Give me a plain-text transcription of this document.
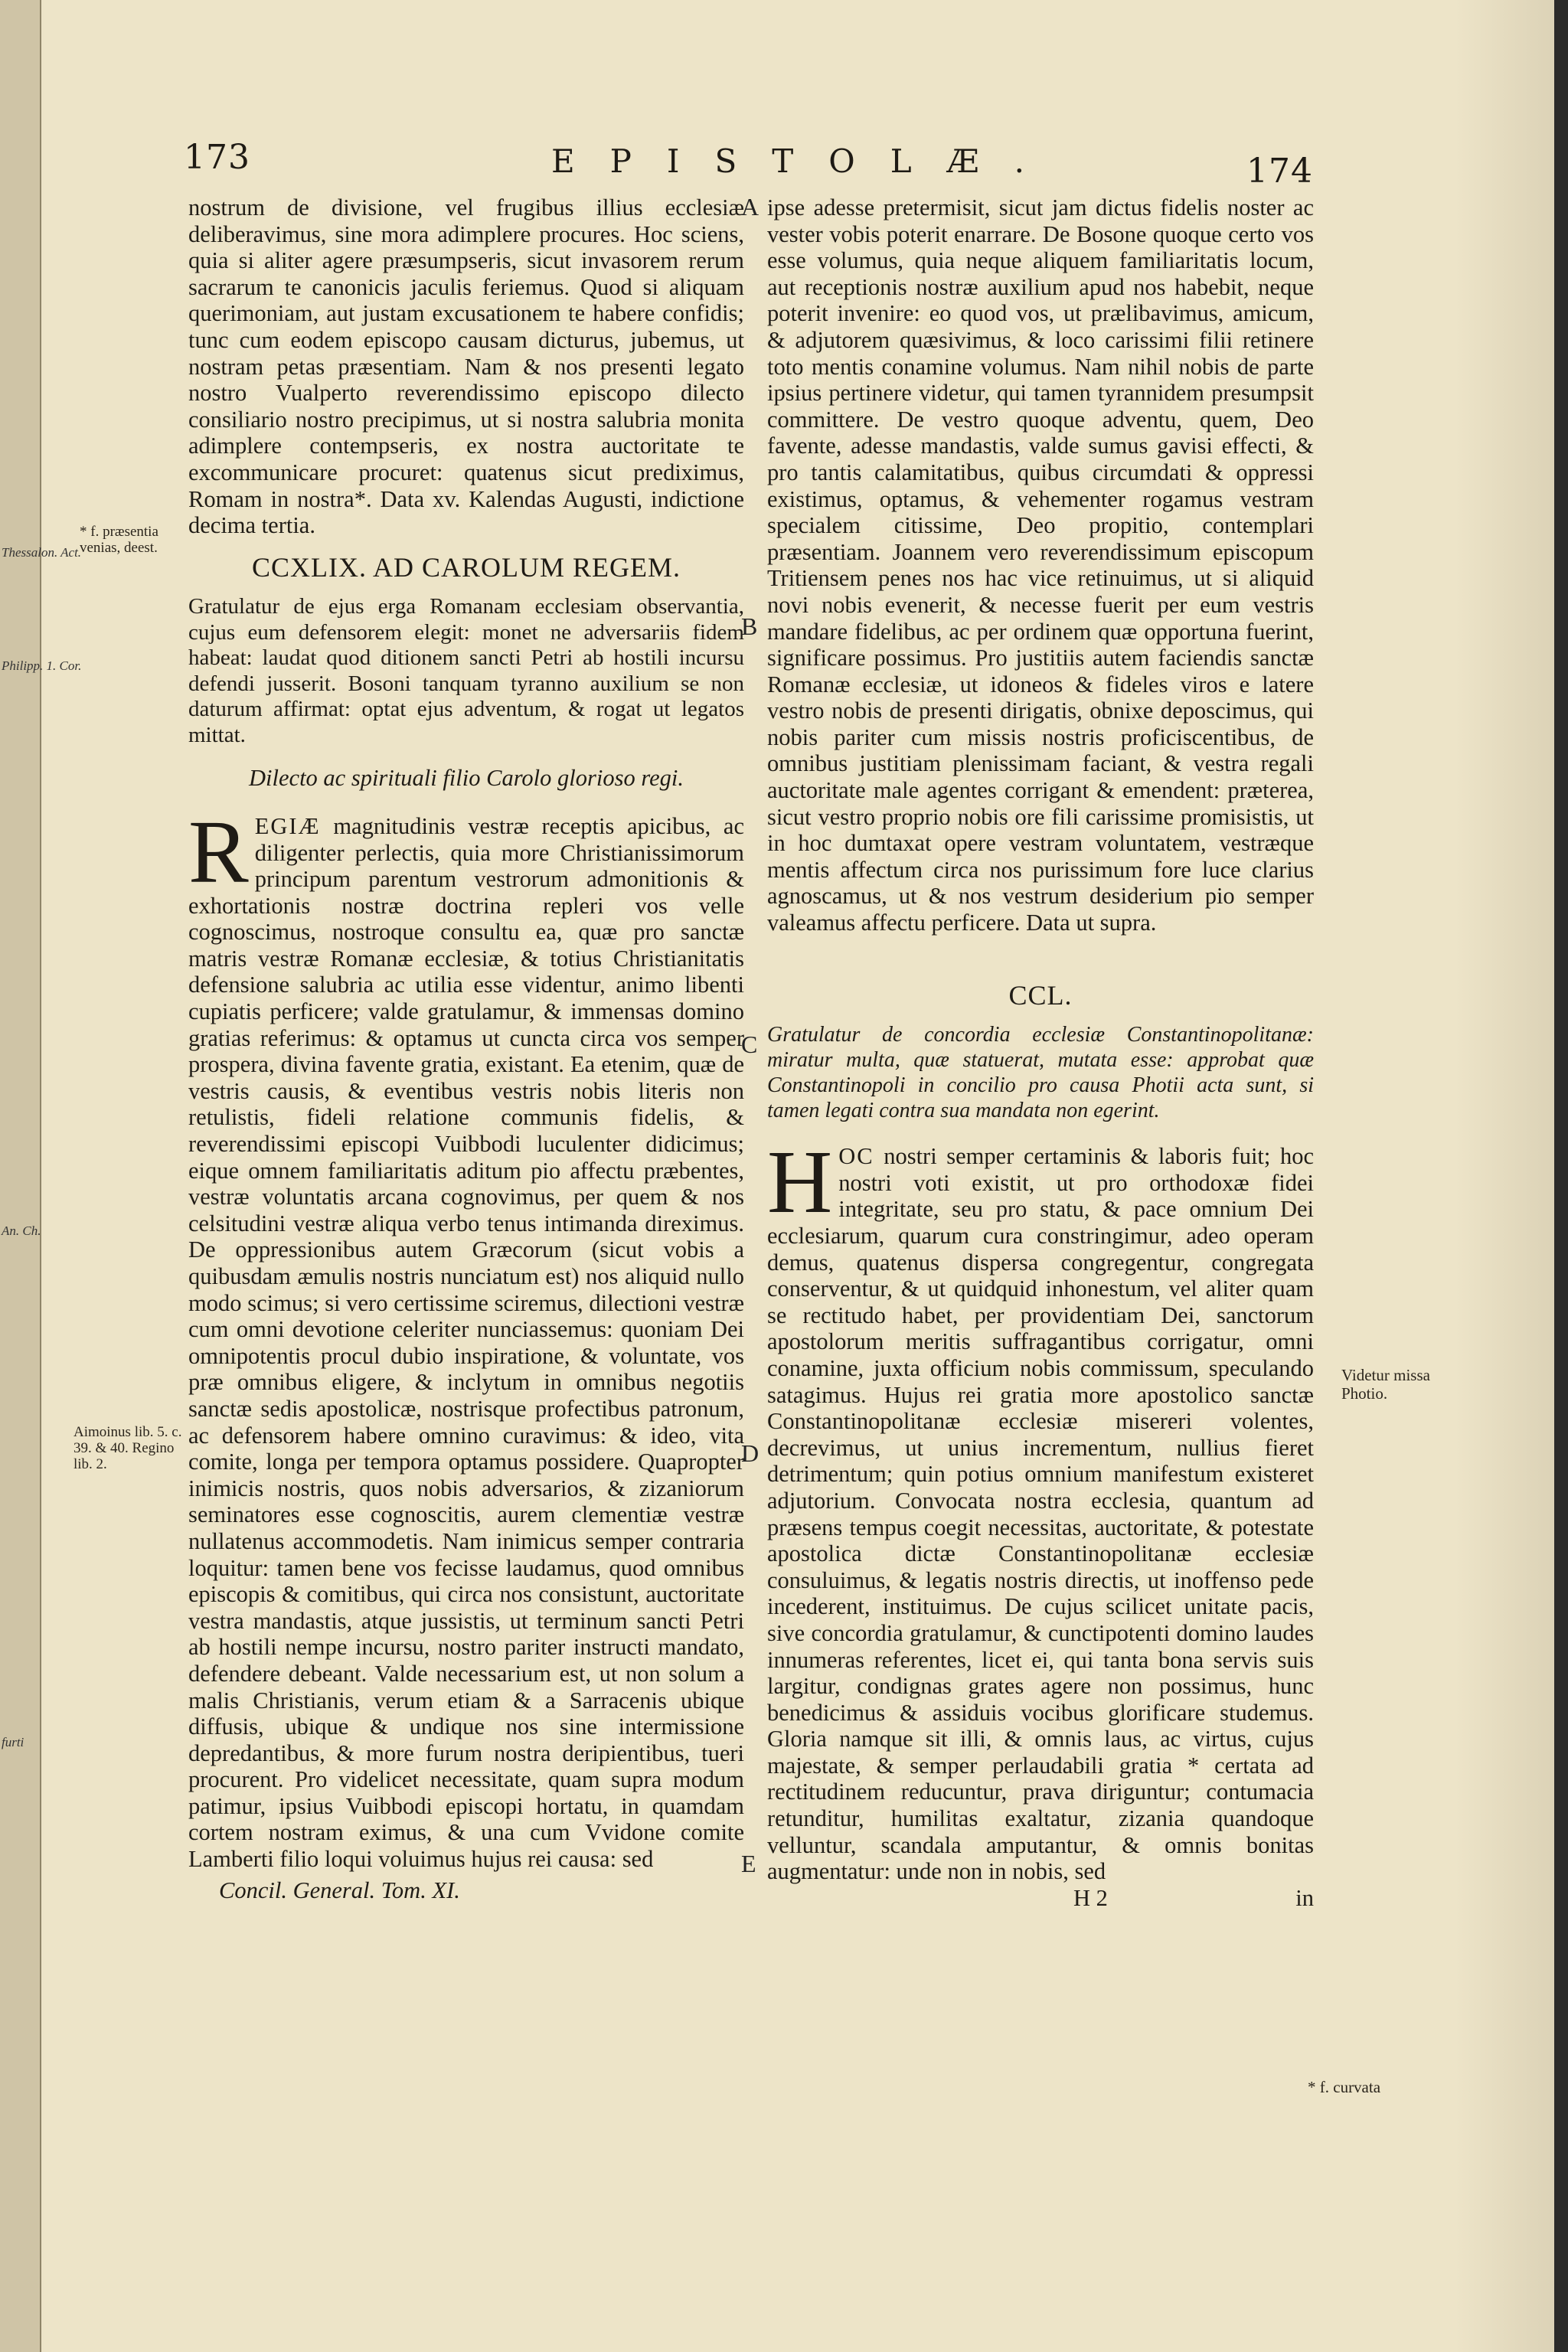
Thessalon. Act.
Philipp. 1. Cor.
An. Ch.
furti
173	EPISTOLÆ.	174

nostrum de divisione, vel frugibus illius ecclesiæ deliberavimus, sine mora adimplere procures. Hoc sciens, quia si aliter agere præsumpseris, sicut invasorem rerum sacrarum te canonicis jaculis feriemus. Quod si aliquam querimoniam, aut justam excusationem te habere confidis; tunc cum eodem episcopo causam dicturus, jubemus, ut nostram petas præsentiam. Nam & nos presenti legato nostro Vualperto reverendissimo episcopo dilecto consiliario nostro precipimus, ut si nostra salubria monita adimplere contempseris, ex nostra auctoritate te excommunicare procuret: quatenus sicut prediximus, Romam in nostra*. Data xv. Kalendas Augusti, indictione decima tertia.

CCXLIX. AD CAROLUM REGEM.

Gratulatur de ejus erga Romanam ecclesiam observantia, cujus eum defensorem elegit: monet ne adversariis fidem habeat: laudat quod ditionem sancti Petri ab hostili incursu defendi jusserit. Bosoni tanquam tyranno auxilium se non daturum affirmat: optat ejus adventum, & rogat ut legatos mittat.

Dilecto ac spirituali filio Carolo glorioso regi.

REGIÆ magnitudinis vestræ receptis apicibus, ac diligenter perlectis, quia more Christianissimorum principum parentum vestrorum admonitionis & exhortationis nostræ doctrina repleri vos velle cognoscimus, nostroque consultu ea, quæ pro sanctæ matris vestræ Romanæ ecclesiæ, & totius Christianitatis defensione salubria ac utilia esse videntur, animo libenti cupiatis perficere; valde gratulamur, & immensas domino gratias referimus: & optamus ut cuncta circa vos semper prospera, divina favente gratia, existant. Ea etenim, quæ de vestris causis, & eventibus vestris nobis literis non retulistis, fideli relatione communis fidelis, & reverendissimi episcopi Vuibbodi luculenter didicimus; eique omnem familiaritatis aditum pio affectu præbentes, vestræ voluntatis arcana cognovimus, per quem & nos celsitudini vestræ aliqua verbo tenus intimanda direximus. De oppressionibus autem Græcorum (sicut vobis a quibusdam æmulis nostris nunciatum est) nos aliquid nullo modo scimus; si vero certissime sciremus, dilectioni vestræ cum omni devotione celeriter nunciassemus: quoniam Dei omnipotentis procul dubio inspiratione, & voluntate, vos præ omnibus eligere, & inclytum in omnibus negotiis sanctæ sedis apostolicæ, nostrisque profectibus patronum, ac defensorem habere omnino curavimus: & ideo, vita comite, longa per tempora optamus possidere. Quapropter inimicis nostris, quos nobis adversarios, & zizaniorum seminatores esse cognoscitis, aurem clementiæ vestræ nullatenus accommodetis. Nam inimicus semper contraria loquitur: tamen bene vos fecisse laudamus, quod omnibus episcopis & comitibus, qui circa nos consistunt, auctoritate vestra mandastis, atque jussistis, ut terminum sancti Petri ab hostili nempe incursu, nostro pariter instructi mandato, defendere debeant. Valde necessarium est, ut non solum a malis Christianis, verum etiam & a Sarracenis ubique diffusis, ubique & undique nos sine intermissione depredantibus, & more furum nostra deripientibus, tueri procurent. Pro videlicet necessitate, quam supra modum patimur, ipsius Vuibbodi episcopi hortatu, in quamdam cortem nostram eximus, & una cum Vvidone comite Lamberti filio loqui voluimus hujus rei causa: sed

Concil. General. Tom. XI.

ipse adesse pretermisit, sicut jam dictus fidelis noster ac vester vobis poterit enarrare. De Bosone quoque certo vos esse volumus, quia neque aliquem familiaritatis locum, aut receptionis nostræ auxilium apud nos habebit, neque poterit invenire: eo quod vos, ut prælibavimus, amicum, & adjutorem quæsivimus, & loco carissimi filii retinere toto mentis conamine volumus. Nam nihil nobis de parte ipsius pertinere videtur, qui tamen tyrannidem presumpsit committere. De vestro quoque adventu, quem, Deo favente, adesse mandastis, valde sumus gavisi effecti, & pro tantis calamitatibus, quibus circumdati & oppressi existimus, optamus, & vehementer rogamus vestram specialem citissime, Deo propitio, contemplari præsentiam. Joannem vero reverendissimum episcopum Tritiensem penes nos hac vice retinuimus, ut si aliquid novi nobis evenerit, & necesse fuerit per eum vestris mandare fidelibus, ac per ordinem quæ opportuna fuerint, significare possimus. Pro justitiis autem faciendis sanctæ Romanæ ecclesiæ, ut idoneos & fideles viros e latere vestro nobis de presenti dirigatis, obnixe deposcimus, qui nobis pariter cum missis nostris proficiscentibus, de omnibus justitiam plenissimam faciant, & vestra regali auctoritate male agentes corrigant & emendent: præterea, sicut vestro proprio nobis ore fili carissime promisistis, ut in hoc dumtaxat opere vestram voluntatem, vestræque mentis affectum circa nos purissimum fore luce clarius agnoscamus, ut & nos vestrum desiderium pio semper valeamus affectu perficere. Data ut supra.

CCL.

Gratulatur de concordia ecclesiæ Constantinopolitanæ: miratur multa, quæ statuerat, mutata esse: approbat quæ Constantinopoli in concilio pro causa Photii acta sunt, si tamen legati contra sua mandata non egerint.

HOC nostri semper certaminis & laboris fuit; hoc nostri voti existit, ut pro orthodoxæ fidei integritate, seu pro statu, & pace omnium Dei ecclesiarum, quarum cura constringimur, adeo operam demus, quatenus dispersa congregentur, congregata conserventur, & ut quidquid inhonestum, vel aliter quam se rectitudo habet, per providentiam Dei, sanctorum apostolorum meritis suffragantibus corrigatur, omni conamine, juxta officium nobis commissum, speculando satagimus. Hujus rei gratia more apostolico sanctæ Constantinopolitanæ ecclesiæ misereri volentes, decrevimus, ut unius incrementum, nullius fieret detrimentum; quin potius omnium manifestum existeret adjutorium. Convocata nostra ecclesia, quantum ad præsens tempus coegit necessitas, auctoritate, & potestate apostolica dictæ Constantinopolitanæ ecclesiæ consuluimus, & legatis nostris directis, ut inoffenso pede incederent, instituimus. De cujus scilicet unitate pacis, sive concordia gratulamur, & cunctipotenti domino laudes innumeras referentes, licet ei, qui tanta bona servis suis largitur, condignas grates agere non possimus, hunc benedicimus & assiduis vocibus glorificare studemus. Gloria namque sit illi, & omnis laus, ac virtus, cujus majestate, & semper perlaudabili gratia * certata ad rectitudinem reducuntur, prava diriguntur; contumacia retunditur, humilitas exaltatur, zizania quandoque velluntur, scandala amputantur, & omnis bonitas augmentatur: unde non in nobis, sed

H 2	in
A
B
C
D
E
* f. præsentia venias, deest.
Aimoinus lib. 5. c. 39. & 40. Regino lib. 2.
Videtur missa Photio.
* f. curvata
